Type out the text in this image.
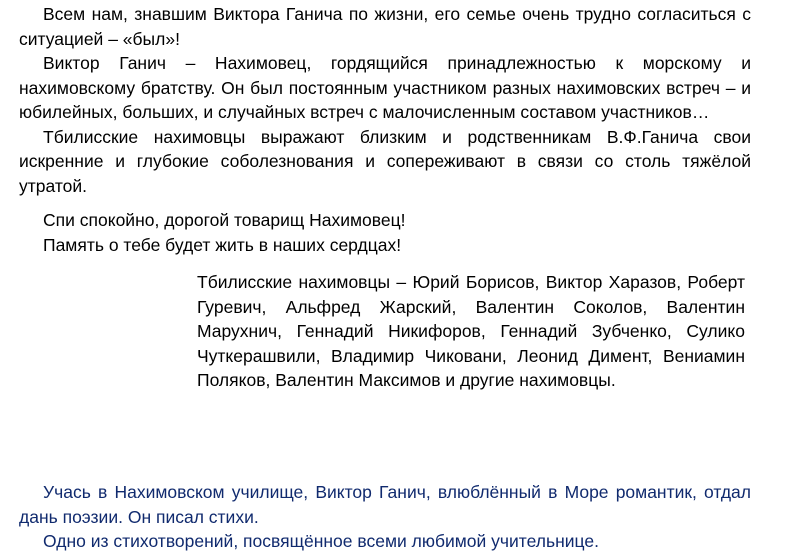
Всем нам, знавшим Виктора Ганича по жизни, его семье очень трудно согласиться с ситуацией – «был»!

Виктор Ганич – Нахимовец, гордящийся принадлежностью к морскому и нахимовскому братству. Он был постоянным участником разных нахимовских встреч – и юбилейных, больших, и случайных встреч с малочисленным составом участников…

Тбилисские нахимовцы выражают близким и родственникам В.Ф.Ганича свои искренние и глубокие соболезнования и сопереживают в связи со столь тяжёлой утратой.

Спи спокойно, дорогой товарищ Нахимовец!

Память о тебе будет жить в наших сердцах!

Тбилисские нахимовцы – Юрий Борисов, Виктор Харазов, Роберт Гуревич, Альфред Жарский, Валентин Соколов, Валентин Марухнич, Геннадий Никифоров, Геннадий Зубченко, Сулико Чуткерашвили, Владимир Чиковани, Леонид Димент, Вениамин Поляков, Валентин Максимов и другие нахимовцы.

Учась в Нахимовском училище, Виктор Ганич, влюблённый в Море романтик, отдал дань поэзии. Он писал стихи.

Одно из стихотворений, посвящённое всеми любимой учительнице.
